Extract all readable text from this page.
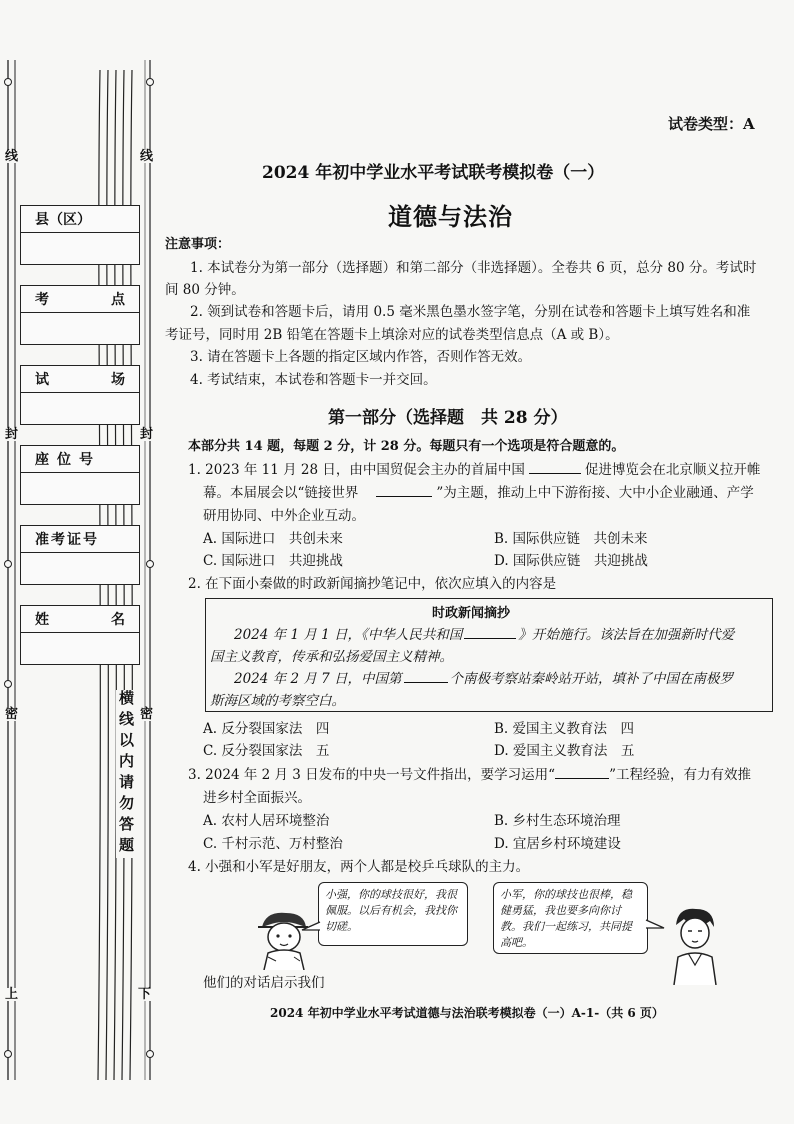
线	线
封	封
密	密
上	下
横线以内请勿答题
县（区）
考	点
试	场
座位号
准考证号
姓	名
试卷类型：A
2024 年初中学业水平考试联考模拟卷（一）
道德与法治
注意事项：
1. 本试卷分为第一部分（选择题）和第二部分（非选择题）。全卷共 6 页，总分 80 分。考试时
间 80 分钟。
2. 领到试卷和答题卡后，请用 0.5 毫米黑色墨水签字笔，分别在试卷和答题卡上填写姓名和准
考证号，同时用 2B 铅笔在答题卡上填涂对应的试卷类型信息点（A 或 B）。
3. 请在答题卡上各题的指定区域内作答，否则作答无效。
4. 考试结束，本试卷和答题卡一并交回。
第一部分（选择题　共 28 分）
本部分共 14 题，每题 2 分，计 28 分。每题只有一个选项是符合题意的。
1. 2023 年 11 月 28 日，由中国贸促会主办的首届中国	促进博览会在北京顺义拉开帷
幕。本届展会以“链接世界	”为主题，推动上中下游衔接、大中小企业融通、产学
研用协同、中外企业互动。
A. 国际进口　共创未来	B. 国际供应链　共创未来
C. 国际进口　共迎挑战	D. 国际供应链　共迎挑战
2. 在下面小秦做的时政新闻摘抄笔记中，依次应填入的内容是
时政新闻摘抄
2024 年 1 月 1 日，《中华人民共和国	》开始施行。该法旨在加强新时代爱
国主义教育，传承和弘扬爱国主义精神。
2024 年 2 月 7 日，中国第	个南极考察站秦岭站开站，填补了中国在南极罗
斯海区域的考察空白。
A. 反分裂国家法　四	B. 爱国主义教育法　四
C. 反分裂国家法　五	D. 爱国主义教育法　五
3. 2024 年 2 月 3 日发布的中央一号文件指出，要学习运用“	”工程经验，有力有效推
进乡村全面振兴。
A. 农村人居环境整治	B. 乡村生态环境治理
C. 千村示范、万村整治	D. 宜居乡村环境建设
4. 小强和小军是好朋友，两个人都是校乒乓球队的主力。
小强，你的球技很好，我很佩服。以后有机会，我找你切磋。
小军，你的球技也很棒，稳健勇猛，我也要多向你讨教。我们一起练习，共同提高吧。
他们的对话启示我们
2024 年初中学业水平考试道德与法治联考模拟卷（一）A-1-（共 6 页）
